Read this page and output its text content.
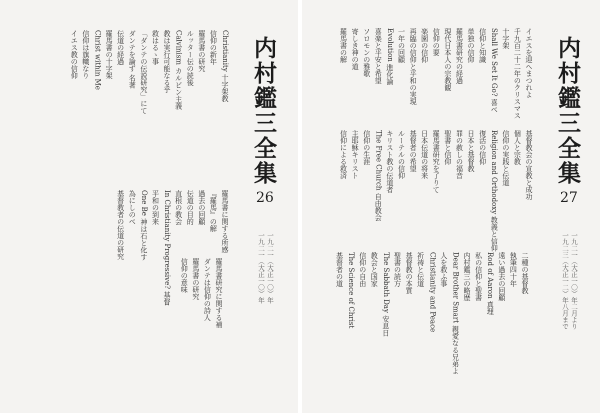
内村鑑三全集
26
一九二一（大正一〇）年
一九二一（大正一〇）年
Christianity 十字架教
信仰の新年
羅馬書の研究
ルッター伝の読後
Calvinism カルビン主義
教は実行可能なる乎
救はるゝ事
「ダンテの伝説研究」にて
ダンテを論ず 名著
伝道の経過
羅馬書の十字架
Christ within Me
信仰は旗幟なり
イエス教の信仰
羅馬書に関する所感
『羅馬』の解
過去の回顧
伝道の目的
直根の教会
In Christianity Progressive? 基督
平和の到来
One Be 神は石と化す
為にしのべ
基督教者の伝道の研究
羅馬書研究に関する補
ダンテは信仰の詩人
羅馬書の研究
信仰の意味
内村鑑三全集
27
一九二一（大正一〇）年二月より
一九二三（大正一二）年八月まで
イエスを迎へまつれよ
千九百二十二年のクリスマス
十字架
Shall We Set It Go? 喜べ
信仰と知識
単独の信仰
羅馬書研究の経過
現代日本人の宗教観
信仰の要
楽園の信仰
再臨の信仰と平和の実現
一年の回顧
Evolution 進化論
喜楽と平安と希望
ソロモンの雅歌
寄しき神の道
羅馬書の解
基督教会の宣教と成功
個人と宗教
信仰の実践と伝道
Religion and Orthodoxy 教義と信仰
復活の信仰
日本と基督教
罪の赦しの福音
聖書と信仰
羅馬書研究を了りて
日本伝道の将来
基督者の希望
ルーテルの信仰
キリスト教の伝道者
The Free Church 自由教会
信仰の生涯
主耶穌キリスト
信仰による救済
二種の基督教
執筆四十年
遠い過去の回顧
Rod of Aaron 真理
私の信仰と聖書
内村鑑三の略歴
Dear Brother Smart 親愛なる兄弟よ
人を救ふ事
Christianity and Peace
祈祷と伝道
基督教の本質
聖書の読方
The Sabbath Day 安息日
教会と国家
信仰の自由
The Science of Christ
基督者の道
